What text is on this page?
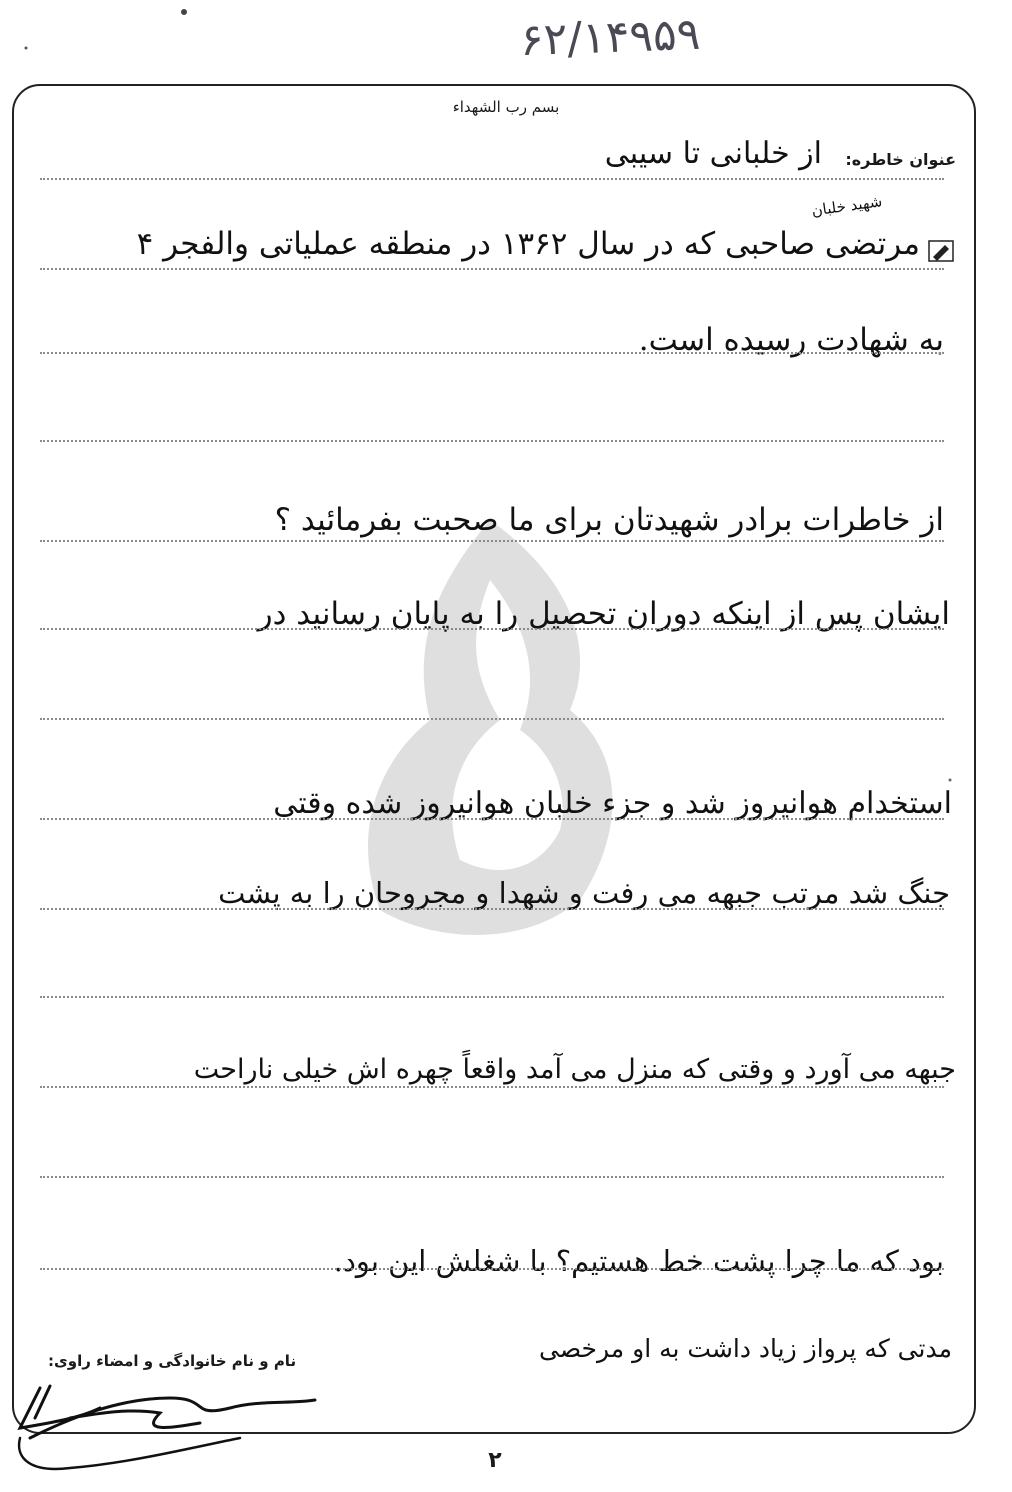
۶۲/۱۴۹۵۹
بسم رب الشهداء
عنوان خاطره:
از خلبانی تا سیبی
شهید خلبان
مرتضی صاحبی که در سال ۱۳۶۲ در منطقه عملیاتی والفجر ۴
به شهادت رسیده است.
از خاطرات برادر شهیدتان برای ما صحبت بفرمائید ؟
ایشان پس از اینکه دوران تحصیل را به پایان رسانید در
استخدام هوانیروز شد و جزء خلبان هوانیروز شده وقتی
جنگ شد مرتب جبهه می رفت و شهدا و مجروحان را به پشت
جبهه می آورد و وقتی که منزل می آمد واقعاً چهره اش خیلی ناراحت
بود که ما چرا پشت خط هستیم؟ با شغلش این بود.
مدتی که پرواز زیاد داشت به او مرخصی
نام و نام خانوادگی و امضاء راوی:
۲
